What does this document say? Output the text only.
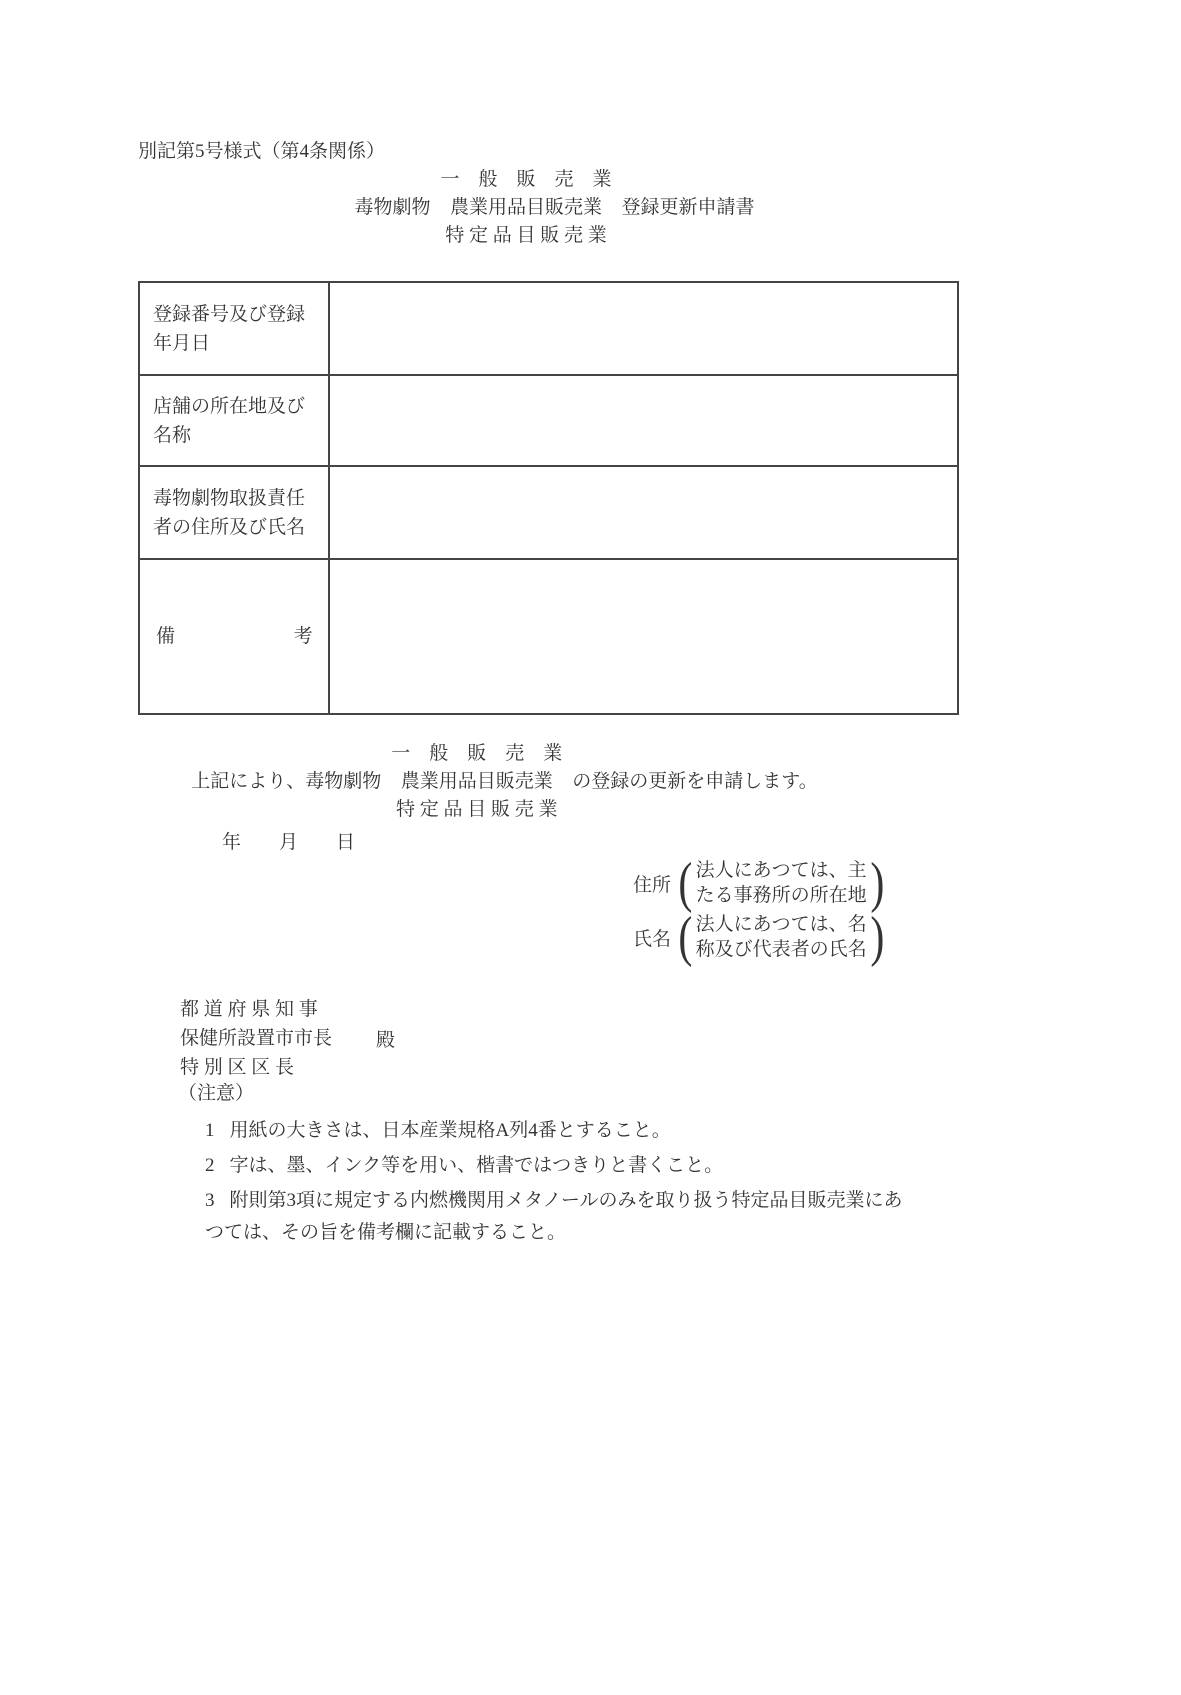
別記第5号様式（第4条関係）
毒物劇物
一　般　販　売　業
農業用品目販売業
特 定 品 目 販 売 業
登録更新申請書
登録番号及び登録年月日	
店舗の所在地及び名称	
毒物劇物取扱責任者の住所及び氏名	

備 考	

上記により、毒物劇物
一　般　販　売　業
農業用品目販売業
特 定 品 目 販 売 業
の登録の更新を申請します。
年　　月　　日
住所 ( 法人にあつては、主
たる事務所の所在地 )
氏名 ( 法人にあつては、名
称及び代表者の氏名 )
都 道 府 県 知 事
保健所設置市市長
特 別 区 区 長
殿
（注意）
1 用紙の大きさは、日本産業規格A列4番とすること。
2 字は、墨、インク等を用い、楷書ではつきりと書くこと。
3 附則第3項に規定する内燃機関用メタノールのみを取り扱う特定品目販売業にあつては、その旨を備考欄に記載すること。
